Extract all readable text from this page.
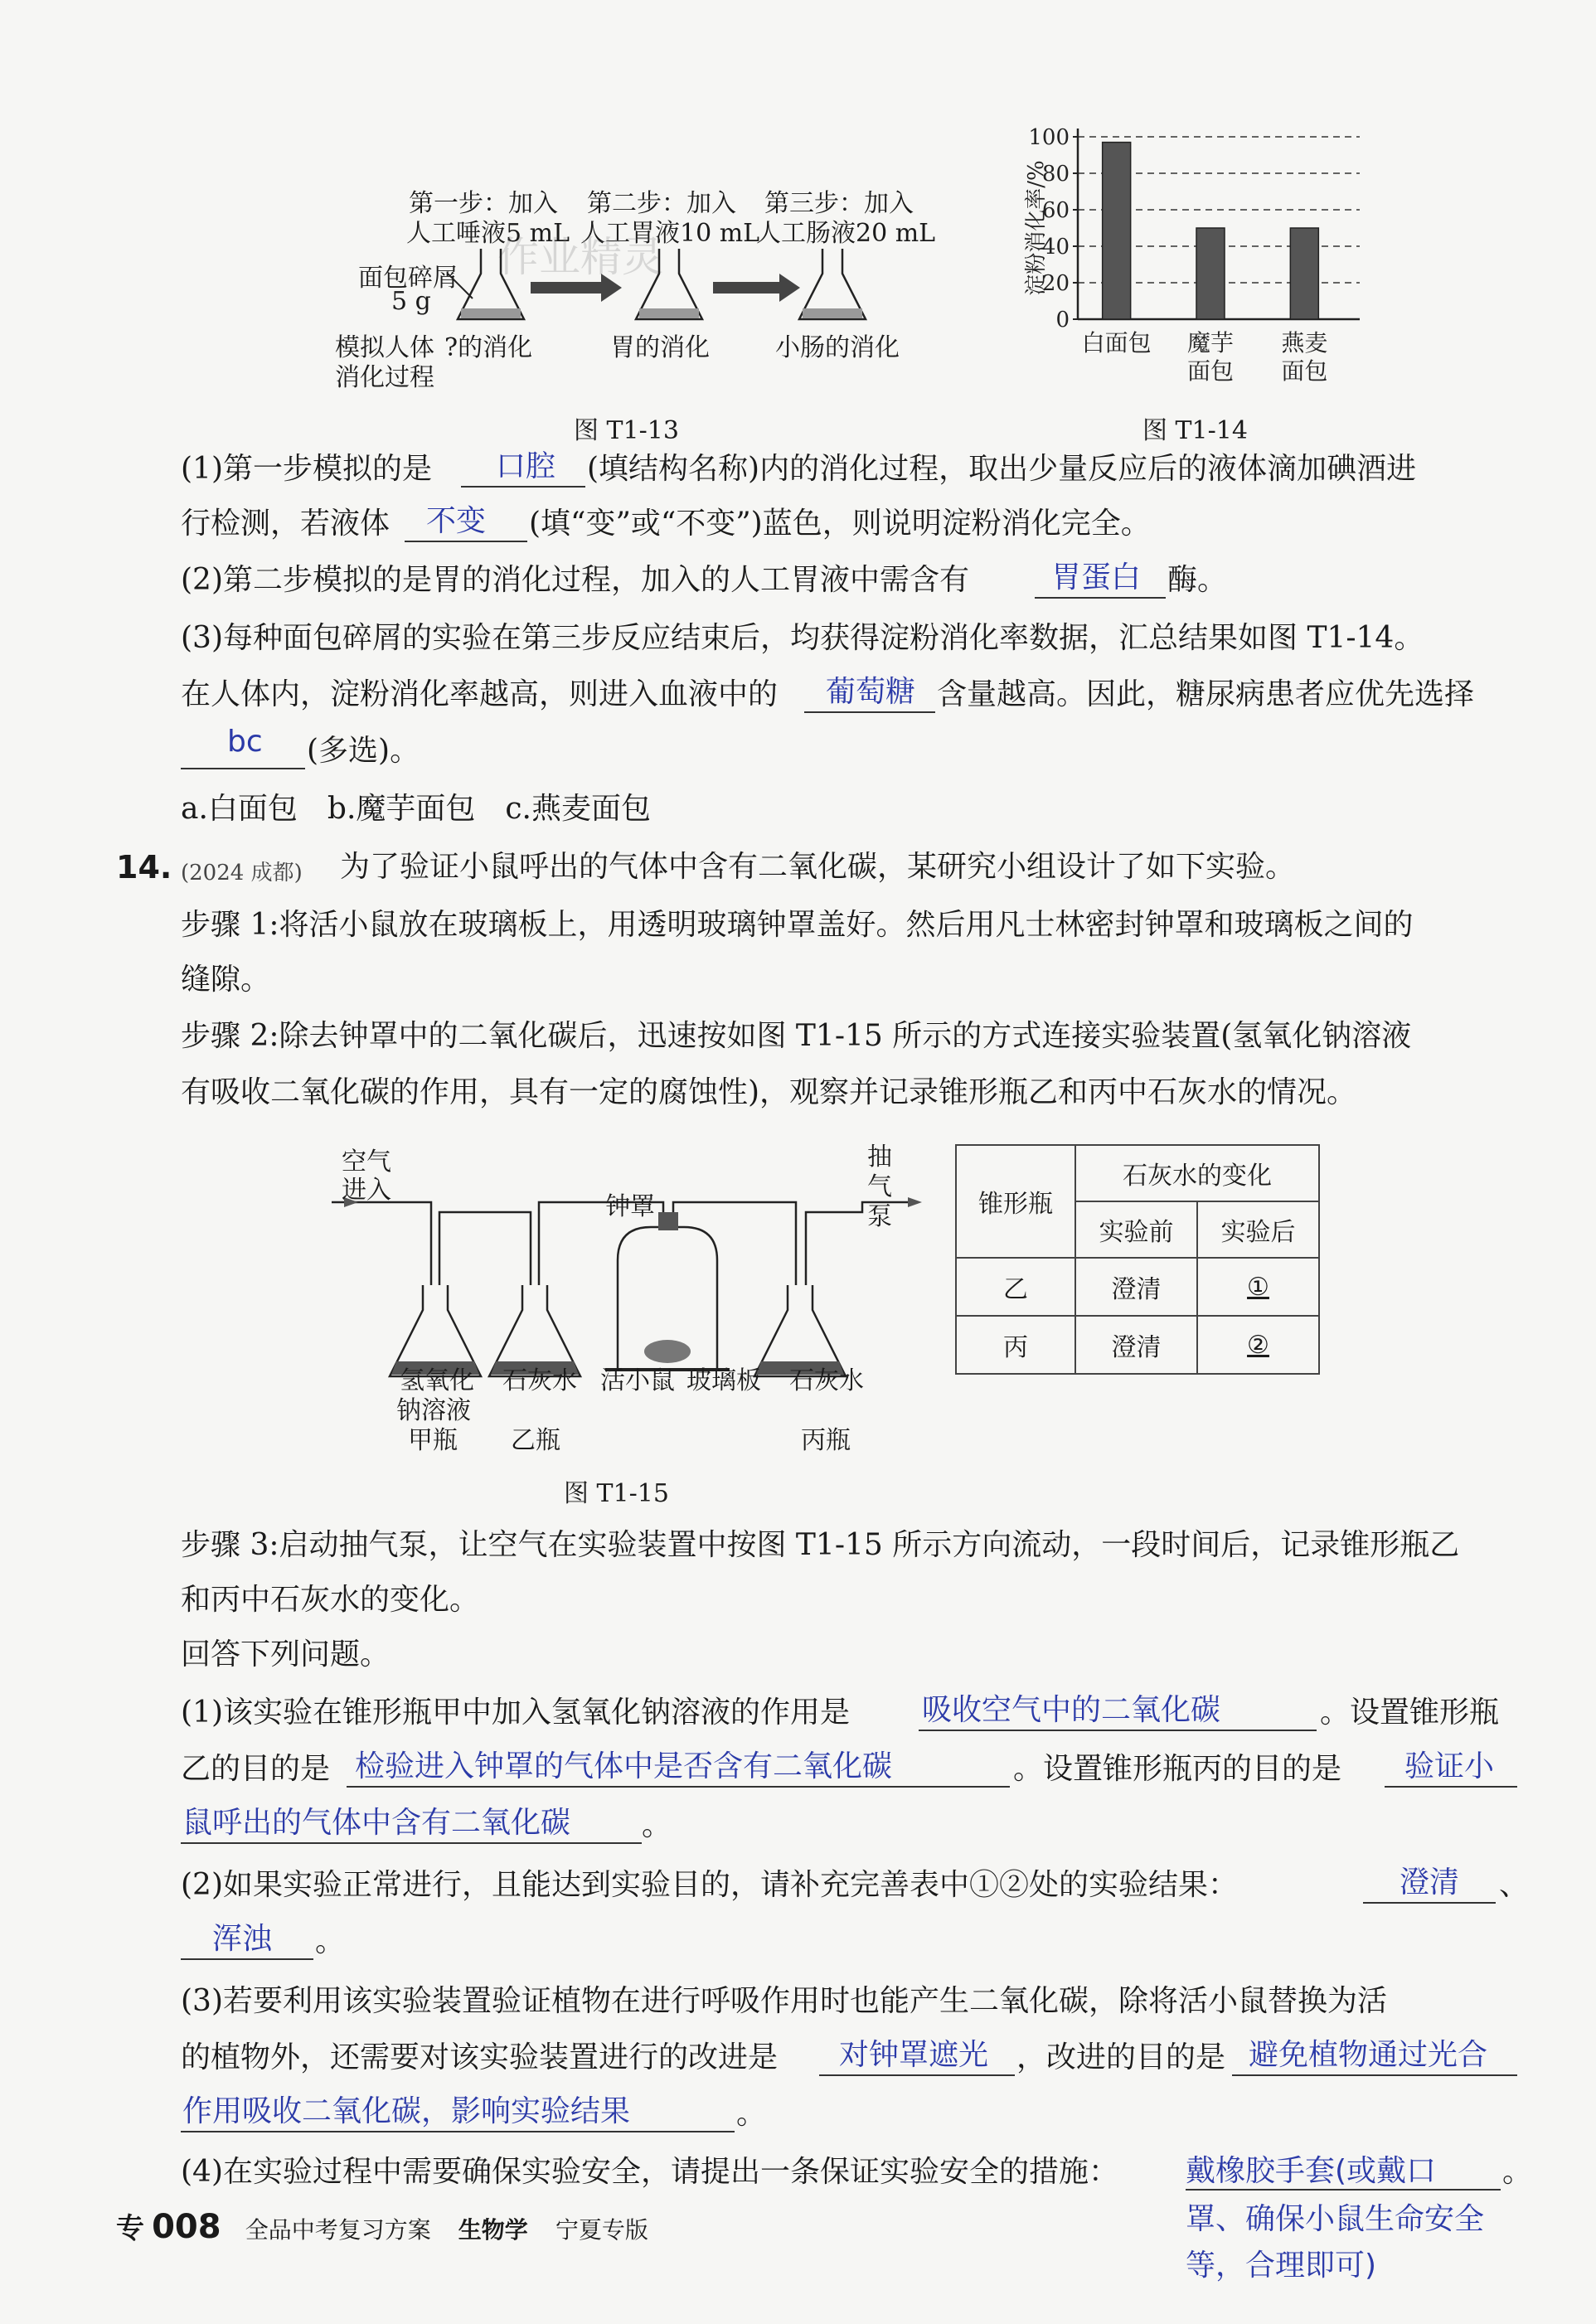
第一步：加入
人工唾液5 mL
第二步：加入
人工胃液10 mL
第三步：加入
人工肠液20 mL
面包碎屑
5 g
模拟人体
消化过程
?的消化	胃的消化	小肠的消化
作业精灵
图 T1-13
0
20
40
60
80
100
淀粉消化率/%
白面包 魔芋
面包
燕麦
面包
图 T1-14
(1)第一步模拟的是 口腔 (填结构名称)内的消化过程，取出少量反应后的液体滴加碘酒进
行检测，若液体 不变 (填“变”或“不变”)蓝色，则说明淀粉消化完全。
(2)第二步模拟的是胃的消化过程，加入的人工胃液中需含有	胃蛋白 酶。
(3)每种面包碎屑的实验在第三步反应结束后，均获得淀粉消化率数据，汇总结果如图 T1-14。
在人体内，淀粉消化率越高，则进入血液中的 葡萄糖 含量越高。因此，糖尿病患者应优先选择
bc (多选)。
a.白面包　b.魔芋面包　c.燕麦面包
14. (2024 成都) 为了验证小鼠呼出的气体中含有二氧化碳，某研究小组设计了如下实验。
步骤 1:将活小鼠放在玻璃板上，用透明玻璃钟罩盖好。然后用凡士林密封钟罩和玻璃板之间的
缝隙。
步骤 2:除去钟罩中的二氧化碳后，迅速按如图 T1-15 所示的方式连接实验装置(氢氧化钠溶液
有吸收二氧化碳的作用，具有一定的腐蚀性)，观察并记录锥形瓶乙和丙中石灰水的情况。
空气
进入
抽
气
泵
钟罩
氢氧化
钠溶液
甲瓶
石灰水
乙瓶
活小鼠 玻璃板 石灰水
丙瓶
图 T1-15
锥形瓶	石灰水的变化	
	实验前	实验后
乙	澄清	①
丙	澄清	②
步骤 3:启动抽气泵，让空气在实验装置中按图 T1-15 所示方向流动，一段时间后，记录锥形瓶乙
和丙中石灰水的变化。
回答下列问题。
(1)该实验在锥形瓶甲中加入氢氧化钠溶液的作用是 吸收空气中的二氧化碳	。设置锥形瓶
乙的目的是 检验进入钟罩的气体中是否含有二氧化碳	。设置锥形瓶丙的目的是 验证小
鼠呼出的气体中含有二氧化碳 。
(2)如果实验正常进行，且能达到实验目的，请补充完善表中①②处的实验结果：	澄清 、
浑浊 。
(3)若要利用该实验装置验证植物在进行呼吸作用时也能产生二氧化碳，除将活小鼠替换为活
的植物外，还需要对该实验装置进行的改进是 对钟罩遮光 ，改进的目的是 避免植物通过光合
作用吸收二氧化碳，影响实验结果	。
(4)在实验过程中需要确保实验安全，请提出一条保证实验安全的措施： 戴橡胶手套(或戴口 。
罩、确保小鼠生命安全
等，合理即可)
专 008 全品中考复习方案 生物学 宁夏专版
